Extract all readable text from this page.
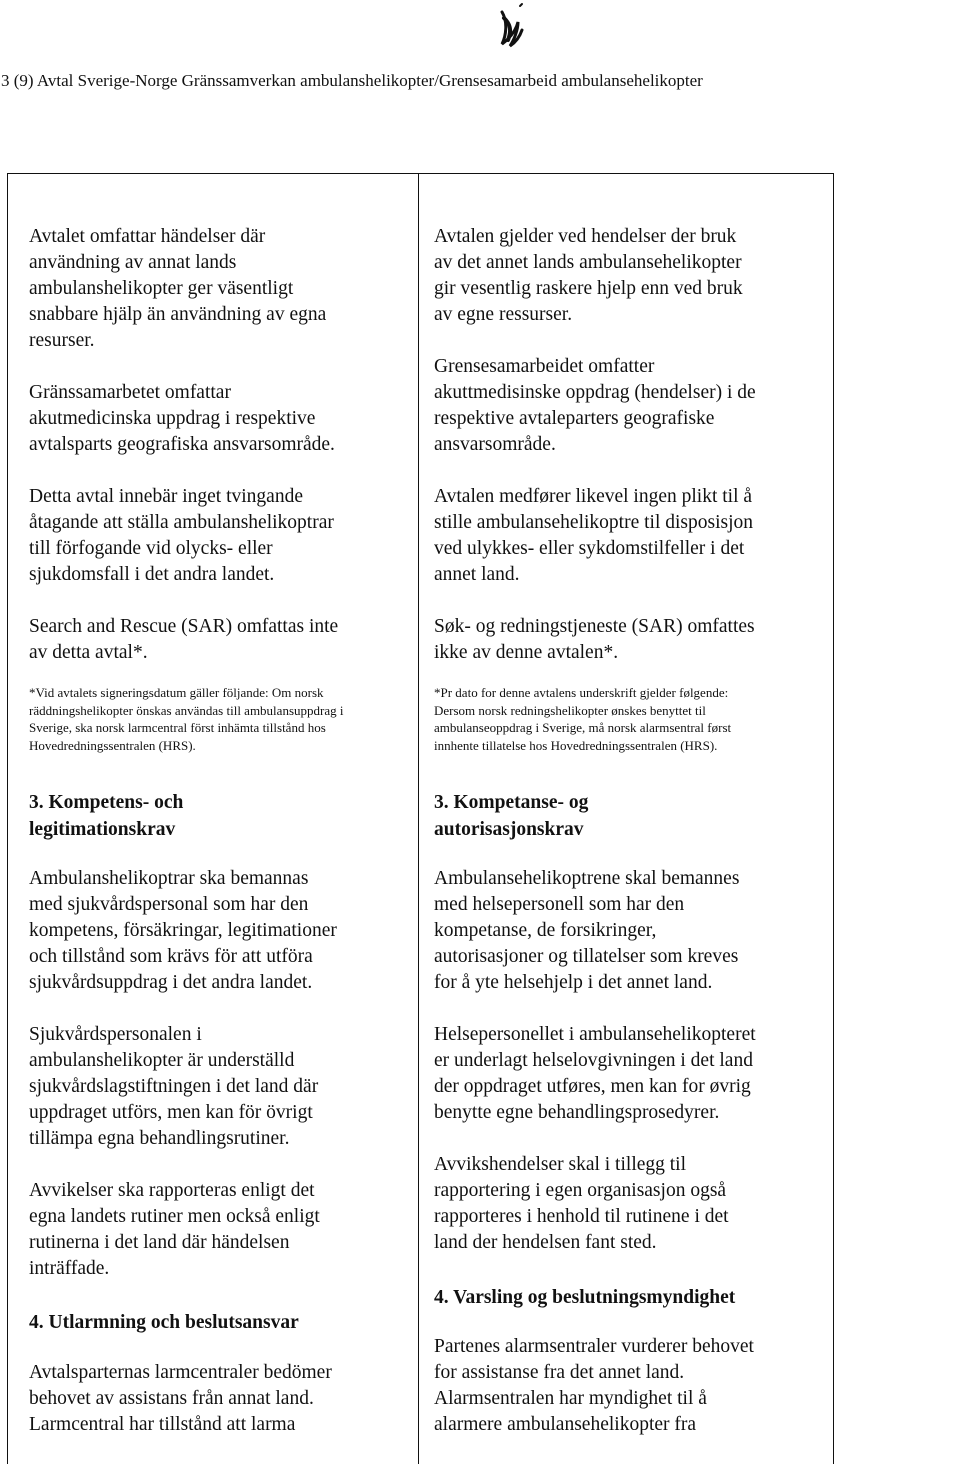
3 (9) Avtal Sverige-Norge Gränssamverkan ambulanshelikopter/Grensesamarbeid ambulansehelikopter
Avtalet omfattar händelser där
användning av annat lands
ambulanshelikopter ger väsentligt
snabbare hjälp än användning av egna
resurser.
Gränssamarbetet omfattar
akutmedicinska uppdrag i respektive
avtalsparts geografiska ansvarsområde.
Detta avtal innebär inget tvingande
åtagande att ställa ambulanshelikoptrar
till förfogande vid olycks- eller
sjukdomsfall i det andra landet.
Search and Rescue (SAR) omfattas inte
av detta avtal*.
*Vid avtalets signeringsdatum gäller följande: Om norsk
räddningshelikopter önskas användas till ambulansuppdrag i
Sverige, ska norsk larmcentral först inhämta tillstånd hos
Hovedredningssentralen (HRS).
3. Kompetens- och
legitimationskrav
Ambulanshelikoptrar ska bemannas
med sjukvårdspersonal som har den
kompetens, försäkringar, legitimationer
och tillstånd som krävs för att utföra
sjukvårdsuppdrag i det andra landet.
Sjukvårdspersonalen i
ambulanshelikopter är underställd
sjukvårdslagstiftningen i det land där
uppdraget utförs, men kan för övrigt
tillämpa egna behandlingsrutiner.
Avvikelser ska rapporteras enligt det
egna landets rutiner men också enligt
rutinerna i det land där händelsen
inträffade.
4. Utlarmning och beslutsansvar
Avtalsparternas larmcentraler bedömer
behovet av assistans från annat land.
Larmcentral har tillstånd att larma
Avtalen gjelder ved hendelser der bruk
av det annet lands ambulansehelikopter
gir vesentlig raskere hjelp enn ved bruk
av egne ressurser.
Grensesamarbeidet omfatter
akuttmedisinske oppdrag (hendelser) i de
respektive avtaleparters geografiske
ansvarsområde.
Avtalen medfører likevel ingen plikt til å
stille ambulansehelikoptre til disposisjon
ved ulykkes- eller sykdomstilfeller i det
annet land.
Søk- og redningstjeneste (SAR) omfattes
ikke av denne avtalen*.
*Pr dato for denne avtalens underskrift gjelder følgende:
Dersom norsk redningshelikopter ønskes benyttet til
ambulanseoppdrag i Sverige, må norsk alarmsentral først
innhente tillatelse hos Hovedredningssentralen (HRS).
3. Kompetanse- og
autorisasjonskrav
Ambulansehelikoptrene skal bemannes
med helsepersonell som har den
kompetanse, de forsikringer,
autorisasjoner og tillatelser som kreves
for å yte helsehjelp i det annet land.
Helsepersonellet i ambulansehelikopteret
er underlagt helselovgivningen i det land
der oppdraget utføres, men kan for øvrig
benytte egne behandlingsprosedyrer.
Avvikshendelser skal i tillegg til
rapportering i egen organisasjon også
rapporteres i henhold til rutinene i det
land der hendelsen fant sted.
4. Varsling og beslutningsmyndighet
Partenes alarmsentraler vurderer behovet
for assistanse fra det annet land.
Alarmsentralen har myndighet til å
alarmere ambulansehelikopter fra
